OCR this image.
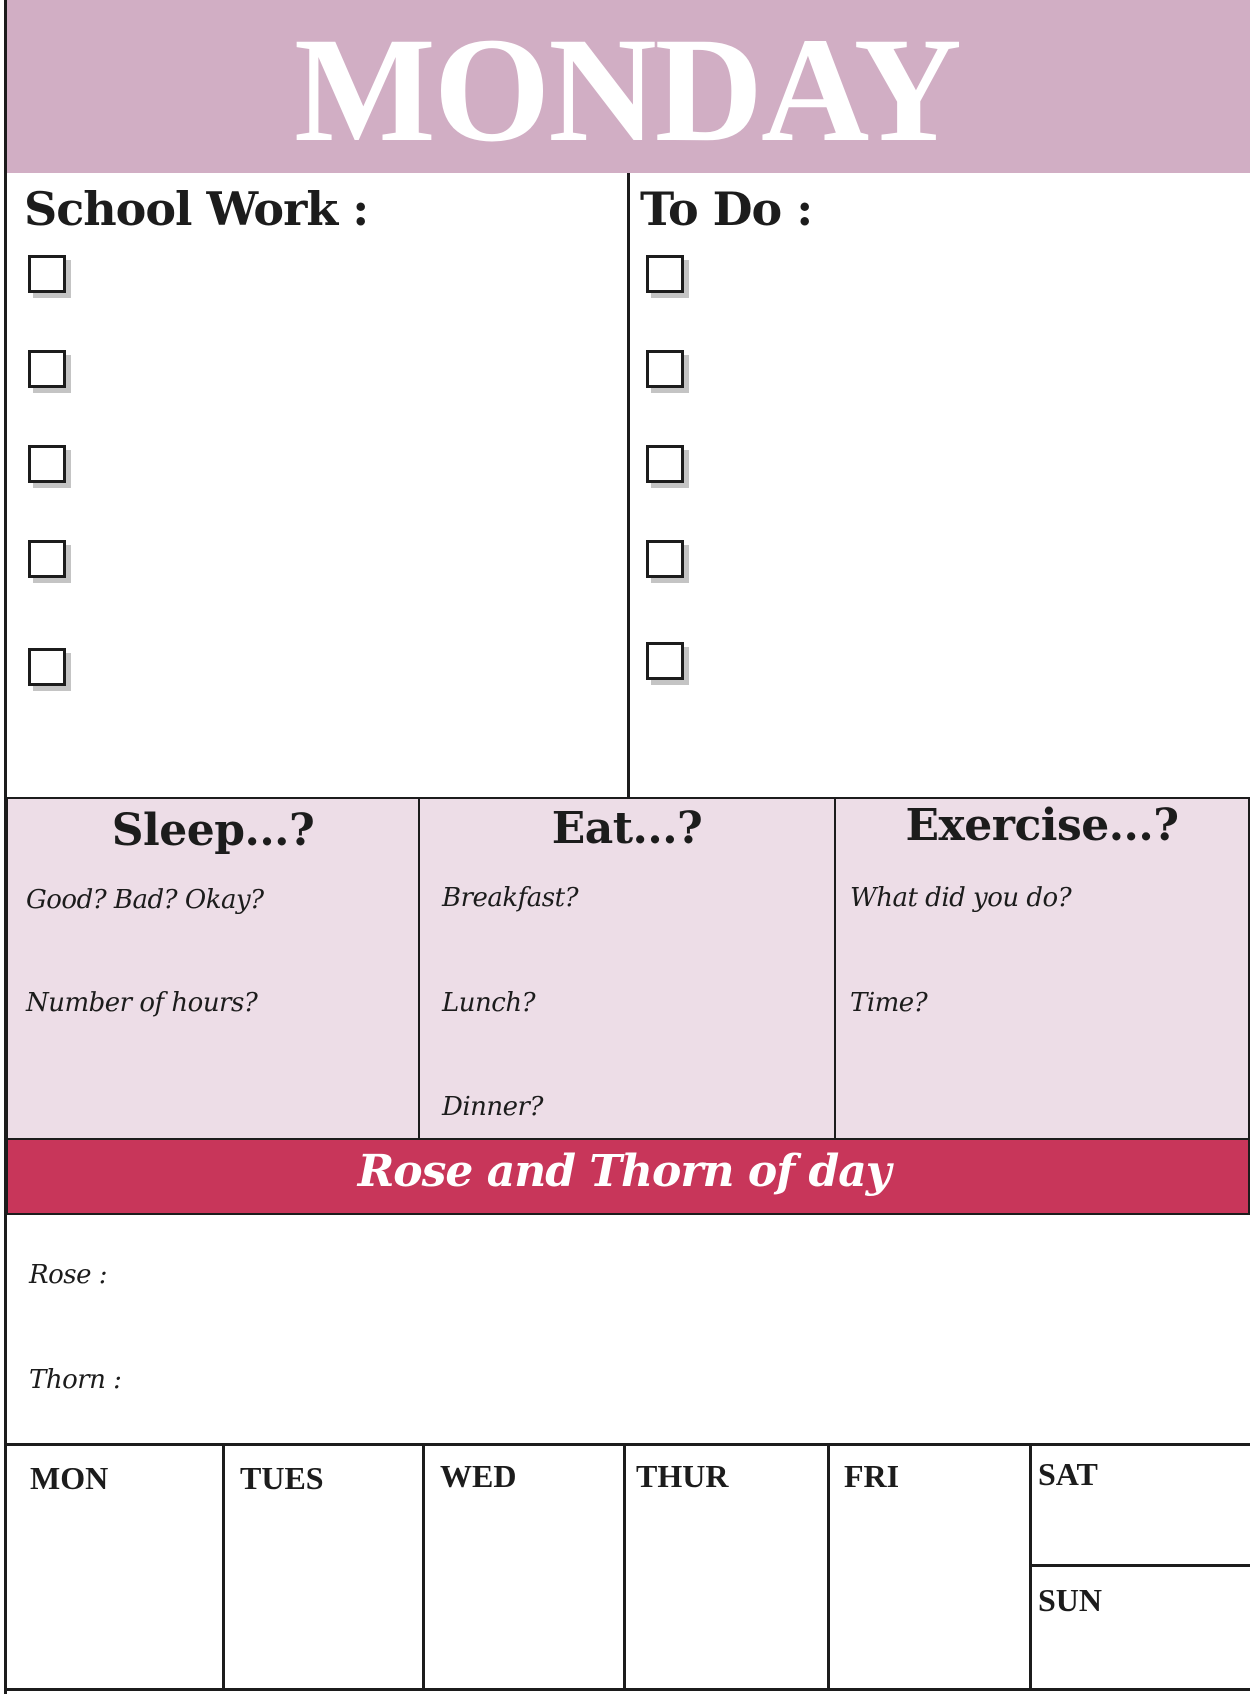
MONDAY
School Work :	To Do :
Sleep...?
Good? Bad? Okay?
Number of hours?
Eat...?
Breakfast?
Lunch?
Dinner?
Exercise...?
What did you do?
Time?
Rose and Thorn of day
Rose :
Thorn :
MON	TUES	WED	THUR	FRI	SAT
SUN
